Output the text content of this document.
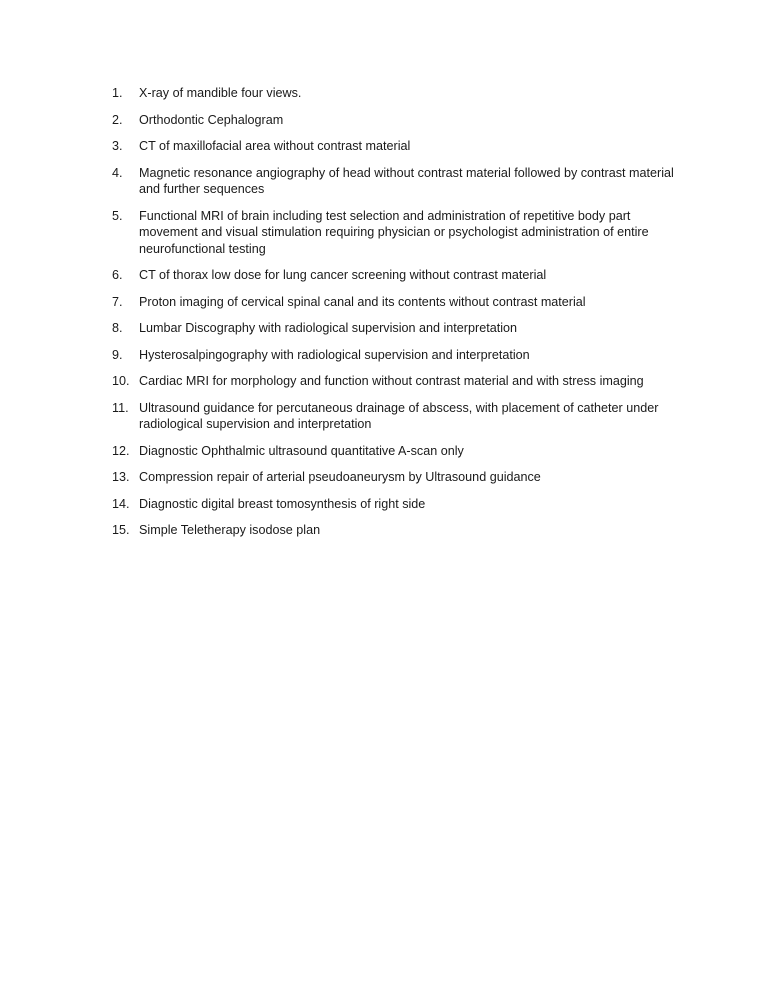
1.	X-ray of mandible four views.
2.	Orthodontic Cephalogram
3.	CT of maxillofacial area without contrast material
4.	Magnetic resonance angiography of head without contrast material followed by contrast material and further sequences
5.	Functional MRI of brain including test selection and administration of repetitive body part movement and visual stimulation requiring physician or psychologist administration of entire neurofunctional testing
6.	CT of thorax low dose for lung cancer screening without contrast material
7.	Proton imaging of cervical spinal canal and its contents without contrast material
8.	Lumbar Discography with radiological supervision and interpretation
9.	Hysterosalpingography with radiological supervision and interpretation
10. Cardiac MRI for morphology and function without contrast material and with stress imaging
11. Ultrasound guidance for percutaneous drainage of abscess, with placement of catheter under radiological supervision and interpretation
12. Diagnostic Ophthalmic ultrasound quantitative A-scan only
13. Compression repair of arterial pseudoaneurysm by Ultrasound guidance
14. Diagnostic digital breast tomosynthesis of right side
15. Simple Teletherapy isodose plan
